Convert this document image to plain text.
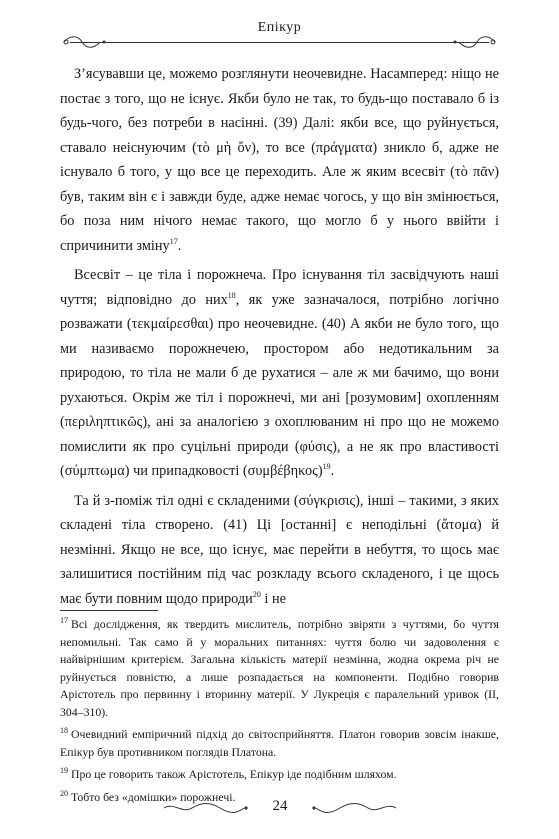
Епікур

З’ясувавши це, можемо розглянути неочевидне. Насамперед: ніщо не постає з того, що не існує. Якби було не так, то будь-що поставало б із будь-чого, без потреби в насінні. (39) Далі: якби все, що руйнується, ставало неіснуючим (τὸ μὴ ὄν), то все (πράγματα) зникло б, адже не існувало б того, у що все це переходить. Але ж яким всесвіт (τὸ πᾶν) був, таким він є і завжди буде, адже немає чогось, у що він змінюється, бо поза ним нічого немає такого, що могло б у нього ввійти і спричинити зміну$^{17}$.

Всесвіт – це тіла і порожнеча. Про існування тіл засвідчують наші чуття; відповідно до них$^{18}$, як уже зазначалося, потрібно логічно розважати (τεκμαίρεσθαι) про неочевидне. (40) А якби не було того, що ми називаємо порожнечею, простором або недотикальним за природою, то тіла не мали б де рухатися – але ж ми бачимо, що вони рухаються. Окрім же тіл і порожнечі, ми ані [розумовим] охопленням (περιληπτικῶς), ані за аналогією з охоплюваним ні про що не можемо помислити як про суцільні природи (φύσις), а не як про властивості (σύμπτωμα) чи припадковості $(\sigma\upsilon\mu\beta έ\beta\eta\kappa o\varsigma)^{19}$.

Та й з-поміж тіл одні є складеними (σύγκρισις), інші – такими, з яких складені тіла створено. (41) Ці [останні] є неподільні (ἄτομα) й незмінні. Якщо не все, що існує, має перейти в небуття, то щось має залишитися постійним під час розкладу всього складеного, і це щось має бути повним щодо природи$^{20}$ і не

$^{17}$ Всі дослідження, як твердить мислитель, потрібно звіряти з чуттями, бо чуття непомильні. Так само й у моральних питаннях: чуття болю чи задоволення є найвірнішим критерієм. Загальна кількість матерії незмінна, жодна окрема річ не руйнується повністю, а лише розпадається на компоненти. Подібно говорив Арістотель про первинну і вторинну матерії. У Лукреція є паралельний уривок (II, 304–310).
$^{18}$ Очевидний емпіричний підхід до світосприйняття. Платон говорив зовсім інакше, Епікур був противником поглядів Платона.
$^{19}$ Про це говорить також Арістотель, Епікур іде подібним шляхом.
$^{20}$ Тобто без «домішки» порожнечі.
24
